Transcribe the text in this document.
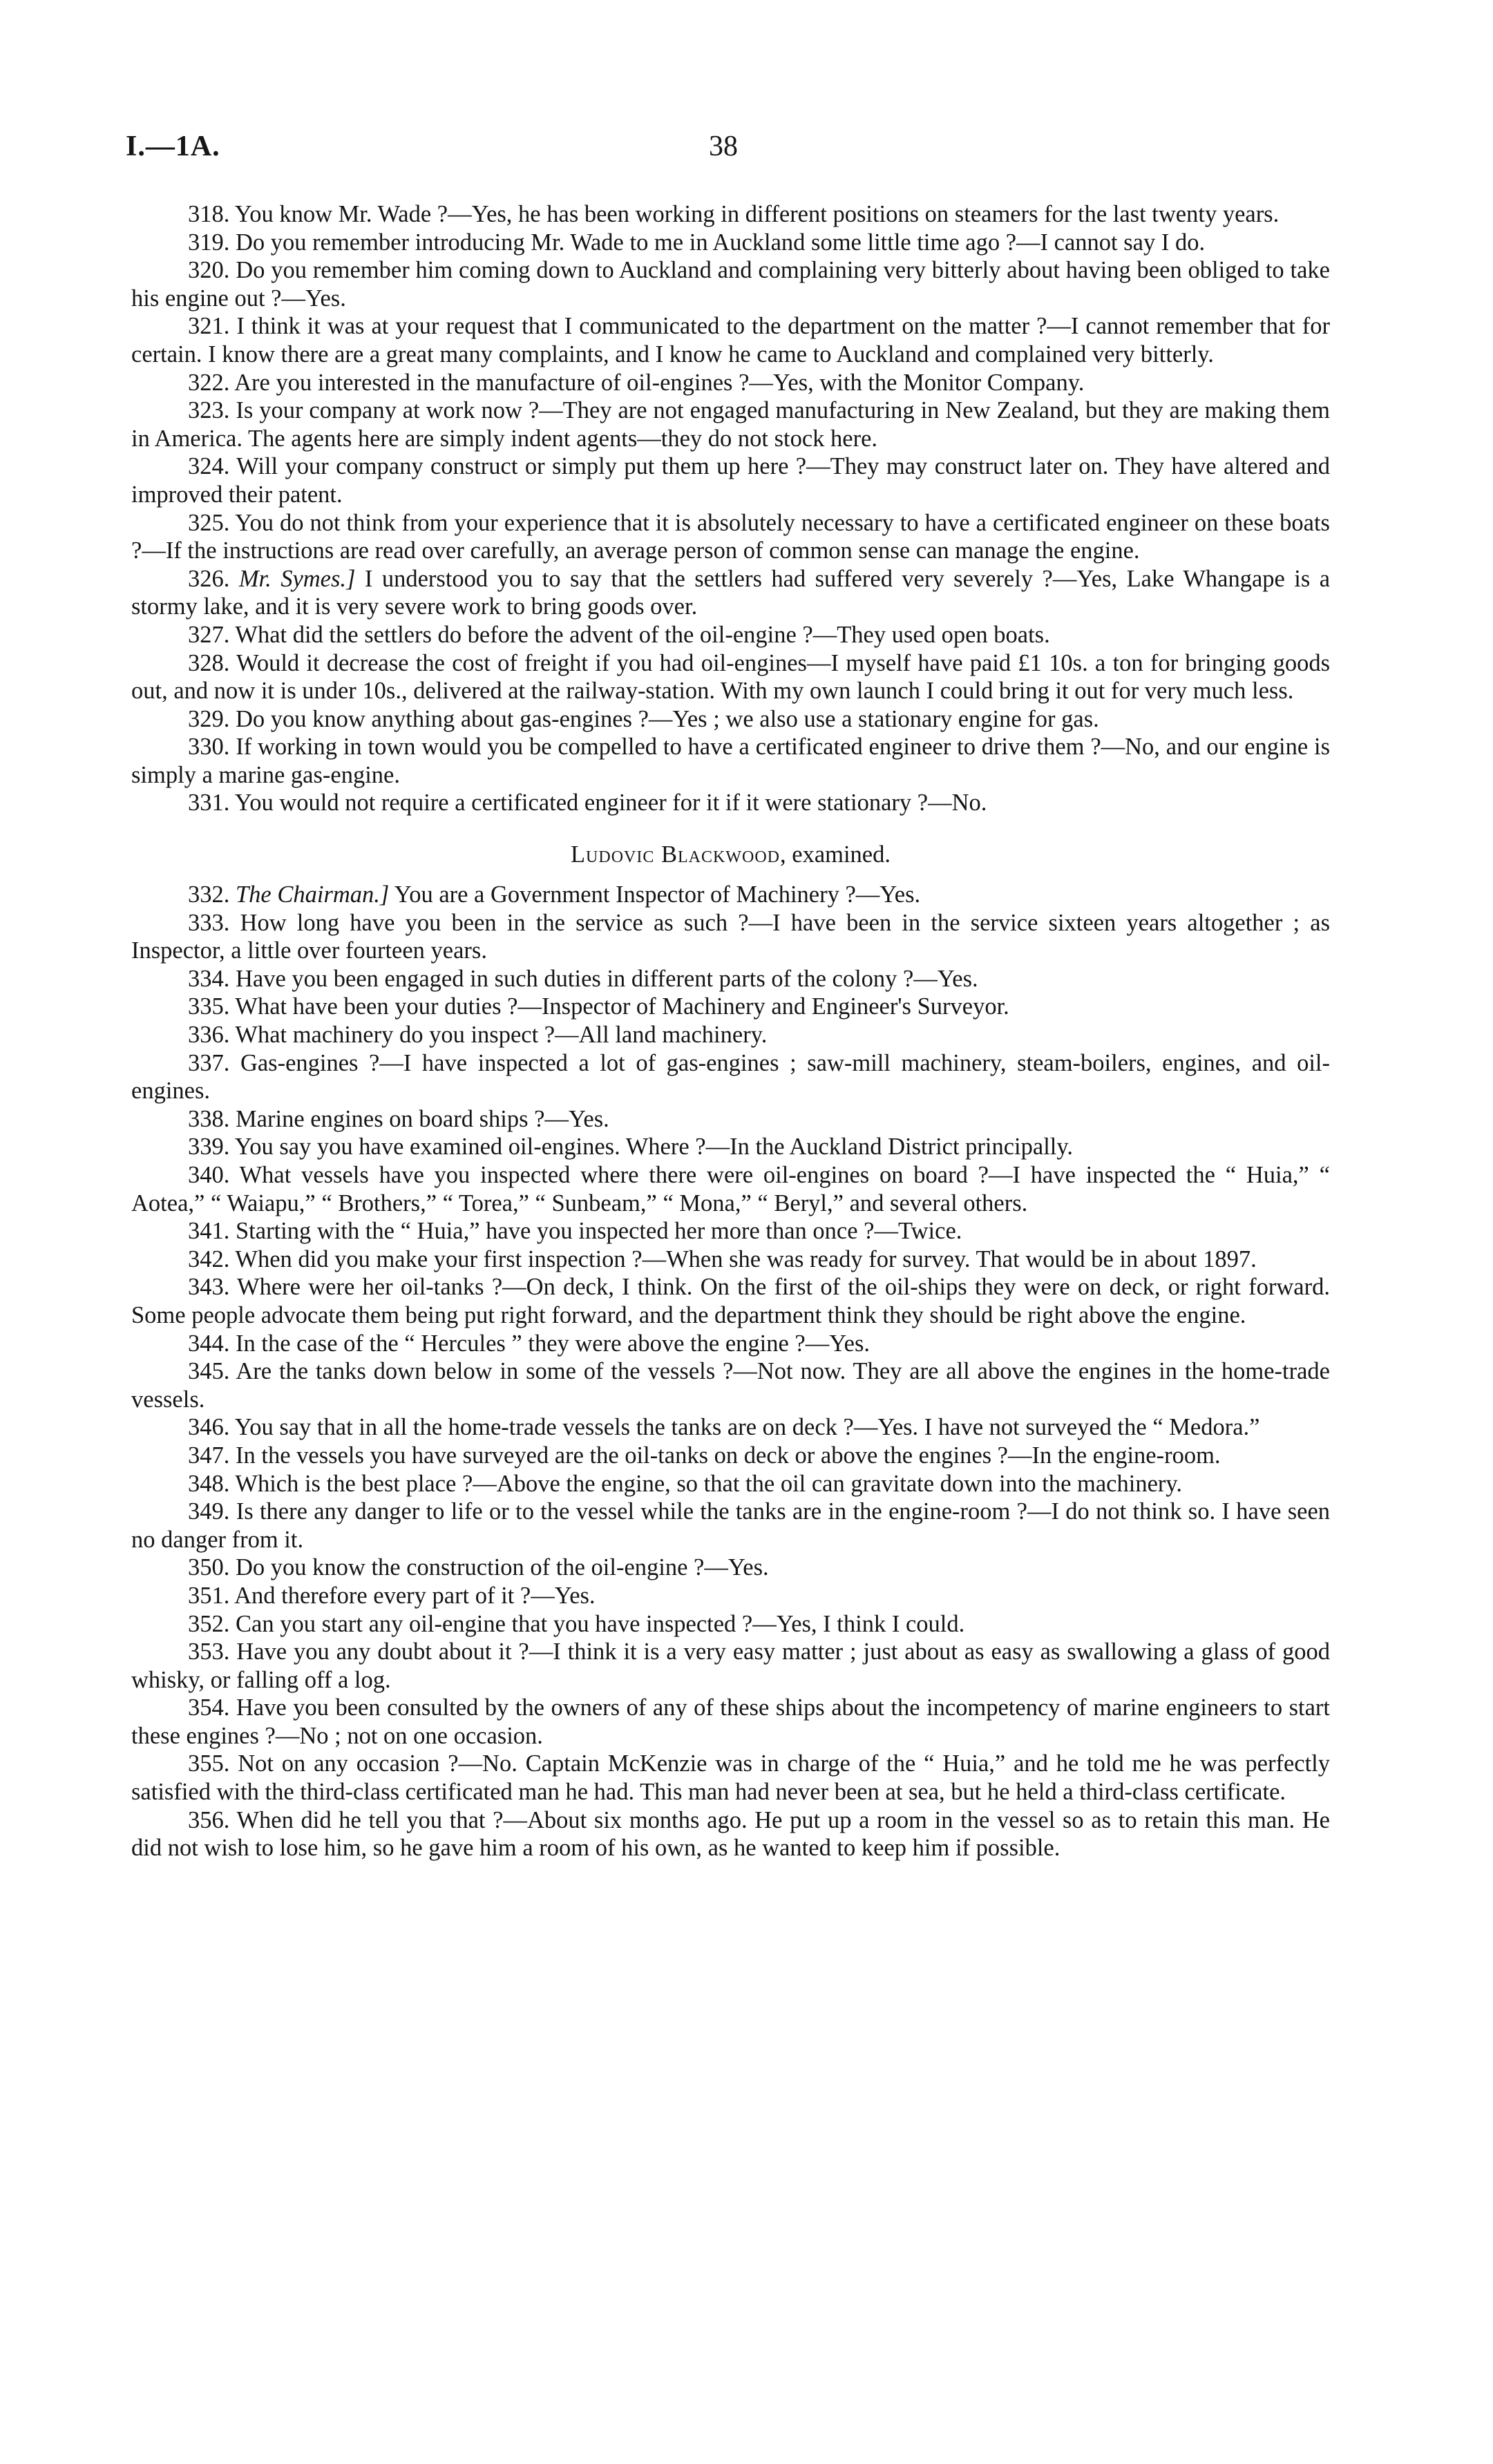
I.—1A.	38

318. You know Mr. Wade ?—Yes, he has been working in different positions on steamers for the last twenty years.

319. Do you remember introducing Mr. Wade to me in Auckland some little time ago ?—I cannot say I do.

320. Do you remember him coming down to Auckland and complaining very bitterly about having been obliged to take his engine out ?—Yes.

321. I think it was at your request that I communicated to the department on the matter ?—I cannot remember that for certain. I know there are a great many complaints, and I know he came to Auckland and complained very bitterly.

322. Are you interested in the manufacture of oil-engines ?—Yes, with the Monitor Company.

323. Is your company at work now ?—They are not engaged manufacturing in New Zealand, but they are making them in America. The agents here are simply indent agents—they do not stock here.

324. Will your company construct or simply put them up here ?—They may construct later on. They have altered and improved their patent.

325. You do not think from your experience that it is absolutely necessary to have a certificated engineer on these boats ?—If the instructions are read over carefully, an average person of common sense can manage the engine.

326. Mr. Symes.] I understood you to say that the settlers had suffered very severely ?—Yes, Lake Whangape is a stormy lake, and it is very severe work to bring goods over.

327. What did the settlers do before the advent of the oil-engine ?—They used open boats.

328. Would it decrease the cost of freight if you had oil-engines—I myself have paid £1 10s. a ton for bringing goods out, and now it is under 10s., delivered at the railway-station. With my own launch I could bring it out for very much less.

329. Do you know anything about gas-engines ?—Yes ; we also use a stationary engine for gas.

330. If working in town would you be compelled to have a certificated engineer to drive them ?—No, and our engine is simply a marine gas-engine.

331. You would not require a certificated engineer for it if it were stationary ?—No.

Ludovic Blackwood, examined.

332. The Chairman.] You are a Government Inspector of Machinery ?—Yes.

333. How long have you been in the service as such ?—I have been in the service sixteen years altogether ; as Inspector, a little over fourteen years.

334. Have you been engaged in such duties in different parts of the colony ?—Yes.

335. What have been your duties ?—Inspector of Machinery and Engineer's Surveyor.

336. What machinery do you inspect ?—All land machinery.

337. Gas-engines ?—I have inspected a lot of gas-engines ; saw-mill machinery, steam-boilers, engines, and oil-engines.

338. Marine engines on board ships ?—Yes.

339. You say you have examined oil-engines. Where ?—In the Auckland District principally.

340. What vessels have you inspected where there were oil-engines on board ?—I have inspected the “ Huia,” “ Aotea,” “ Waiapu,” “ Brothers,” “ Torea,” “ Sunbeam,” “ Mona,” “ Beryl,” and several others.

341. Starting with the “ Huia,” have you inspected her more than once ?—Twice.

342. When did you make your first inspection ?—When she was ready for survey. That would be in about 1897.

343. Where were her oil-tanks ?—On deck, I think. On the first of the oil-ships they were on deck, or right forward. Some people advocate them being put right forward, and the department think they should be right above the engine.

344. In the case of the “ Hercules ” they were above the engine ?—Yes.

345. Are the tanks down below in some of the vessels ?—Not now. They are all above the engines in the home-trade vessels.

346. You say that in all the home-trade vessels the tanks are on deck ?—Yes. I have not surveyed the “ Medora.”

347. In the vessels you have surveyed are the oil-tanks on deck or above the engines ?—In the engine-room.

348. Which is the best place ?—Above the engine, so that the oil can gravitate down into the machinery.

349. Is there any danger to life or to the vessel while the tanks are in the engine-room ?—I do not think so. I have seen no danger from it.

350. Do you know the construction of the oil-engine ?—Yes.

351. And therefore every part of it ?—Yes.

352. Can you start any oil-engine that you have inspected ?—Yes, I think I could.

353. Have you any doubt about it ?—I think it is a very easy matter ; just about as easy as swallowing a glass of good whisky, or falling off a log.

354. Have you been consulted by the owners of any of these ships about the incompetency of marine engineers to start these engines ?—No ; not on one occasion.

355. Not on any occasion ?—No. Captain McKenzie was in charge of the “ Huia,” and he told me he was perfectly satisfied with the third-class certificated man he had. This man had never been at sea, but he held a third-class certificate.

356. When did he tell you that ?—About six months ago. He put up a room in the vessel so as to retain this man. He did not wish to lose him, so he gave him a room of his own, as he wanted to keep him if possible.
